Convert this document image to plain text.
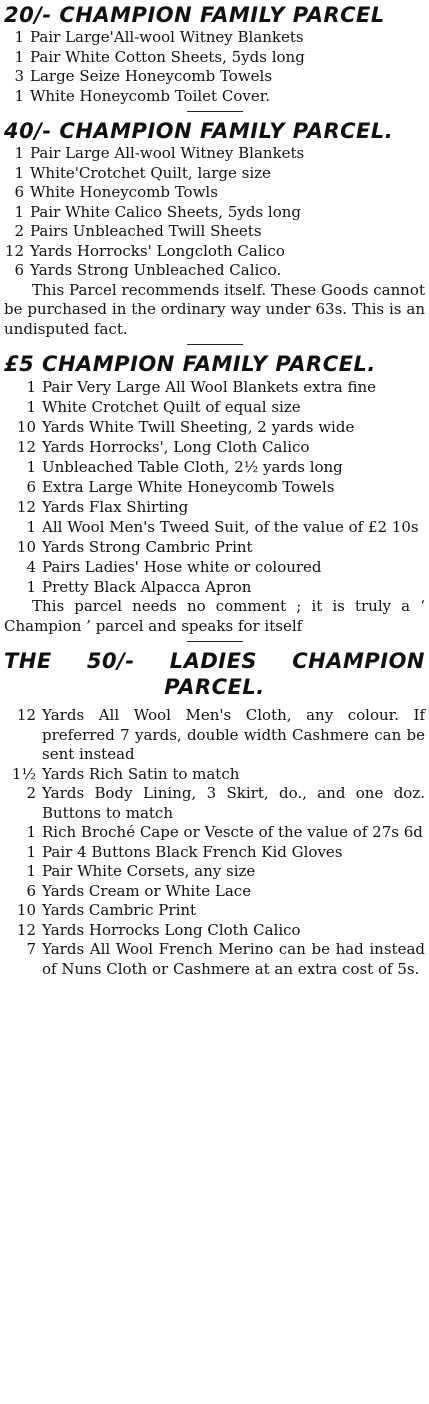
20/- CHAMPION FAMILY PARCEL
1 Pair Large'All-wool Witney Blankets
1 Pair White Cotton Sheets, 5yds long
3 Large Seize Honeycomb Towels
1 White Honeycomb Toilet Cover.
40/- CHAMPION FAMILY PARCEL.
1 Pair Large All-wool Witney Blankets
1 White'Crotchet Quilt, large size
6 White Honeycomb Towls
1 Pair White Calico Sheets, 5yds long
2 Pairs Unbleached Twill Sheets
12 Yards Horrocks' Longcloth Calico
6 Yards Strong Unbleached Calico.
This Parcel recommends itself. These Goods cannot be purchased in the ordinary way under 63s. This is an undisputed fact.
£5 CHAMPION FAMILY PARCEL.
1 Pair Very Large All Wool Blankets extra fine
1 White Crotchet Quilt of equal size
10 Yards White Twill Sheeting, 2 yards wide
12 Yards Horrocks', Long Cloth Calico
1 Unbleached Table Cloth, 2½ yards long
6 Extra Large White Honeycomb Towels
12 Yards Flax Shirting
1 All Wool Men's Tweed Suit, of the value of £2 10s
10 Yards Strong Cambric Print
4 Pairs Ladies' Hose white or coloured
1 Pretty Black Alpacca Apron
This parcel needs no comment ; it is truly a ‘ Champion ’ parcel and speaks for itself
THE 50/- LADIES CHAMPION
PARCEL.
12 Yards All Wool Men's Cloth, any colour. If preferred 7 yards, double width Cashmere can be sent instead
1½ Yards Rich Satin to match
2 Yards Body Lining, 3 Skirt, do., and one doz. Buttons to match
1 Rich Broché Cape or Vescte of the value of 27s 6d
1 Pair 4 Buttons Black French Kid Gloves
1 Pair White Corsets, any size
6 Yards Cream or White Lace
10 Yards Cambric Print
12 Yards Horrocks Long Cloth Calico
7 Yards All Wool French Merino can be had instead of Nuns Cloth or Cashmere at an extra cost of 5s.
